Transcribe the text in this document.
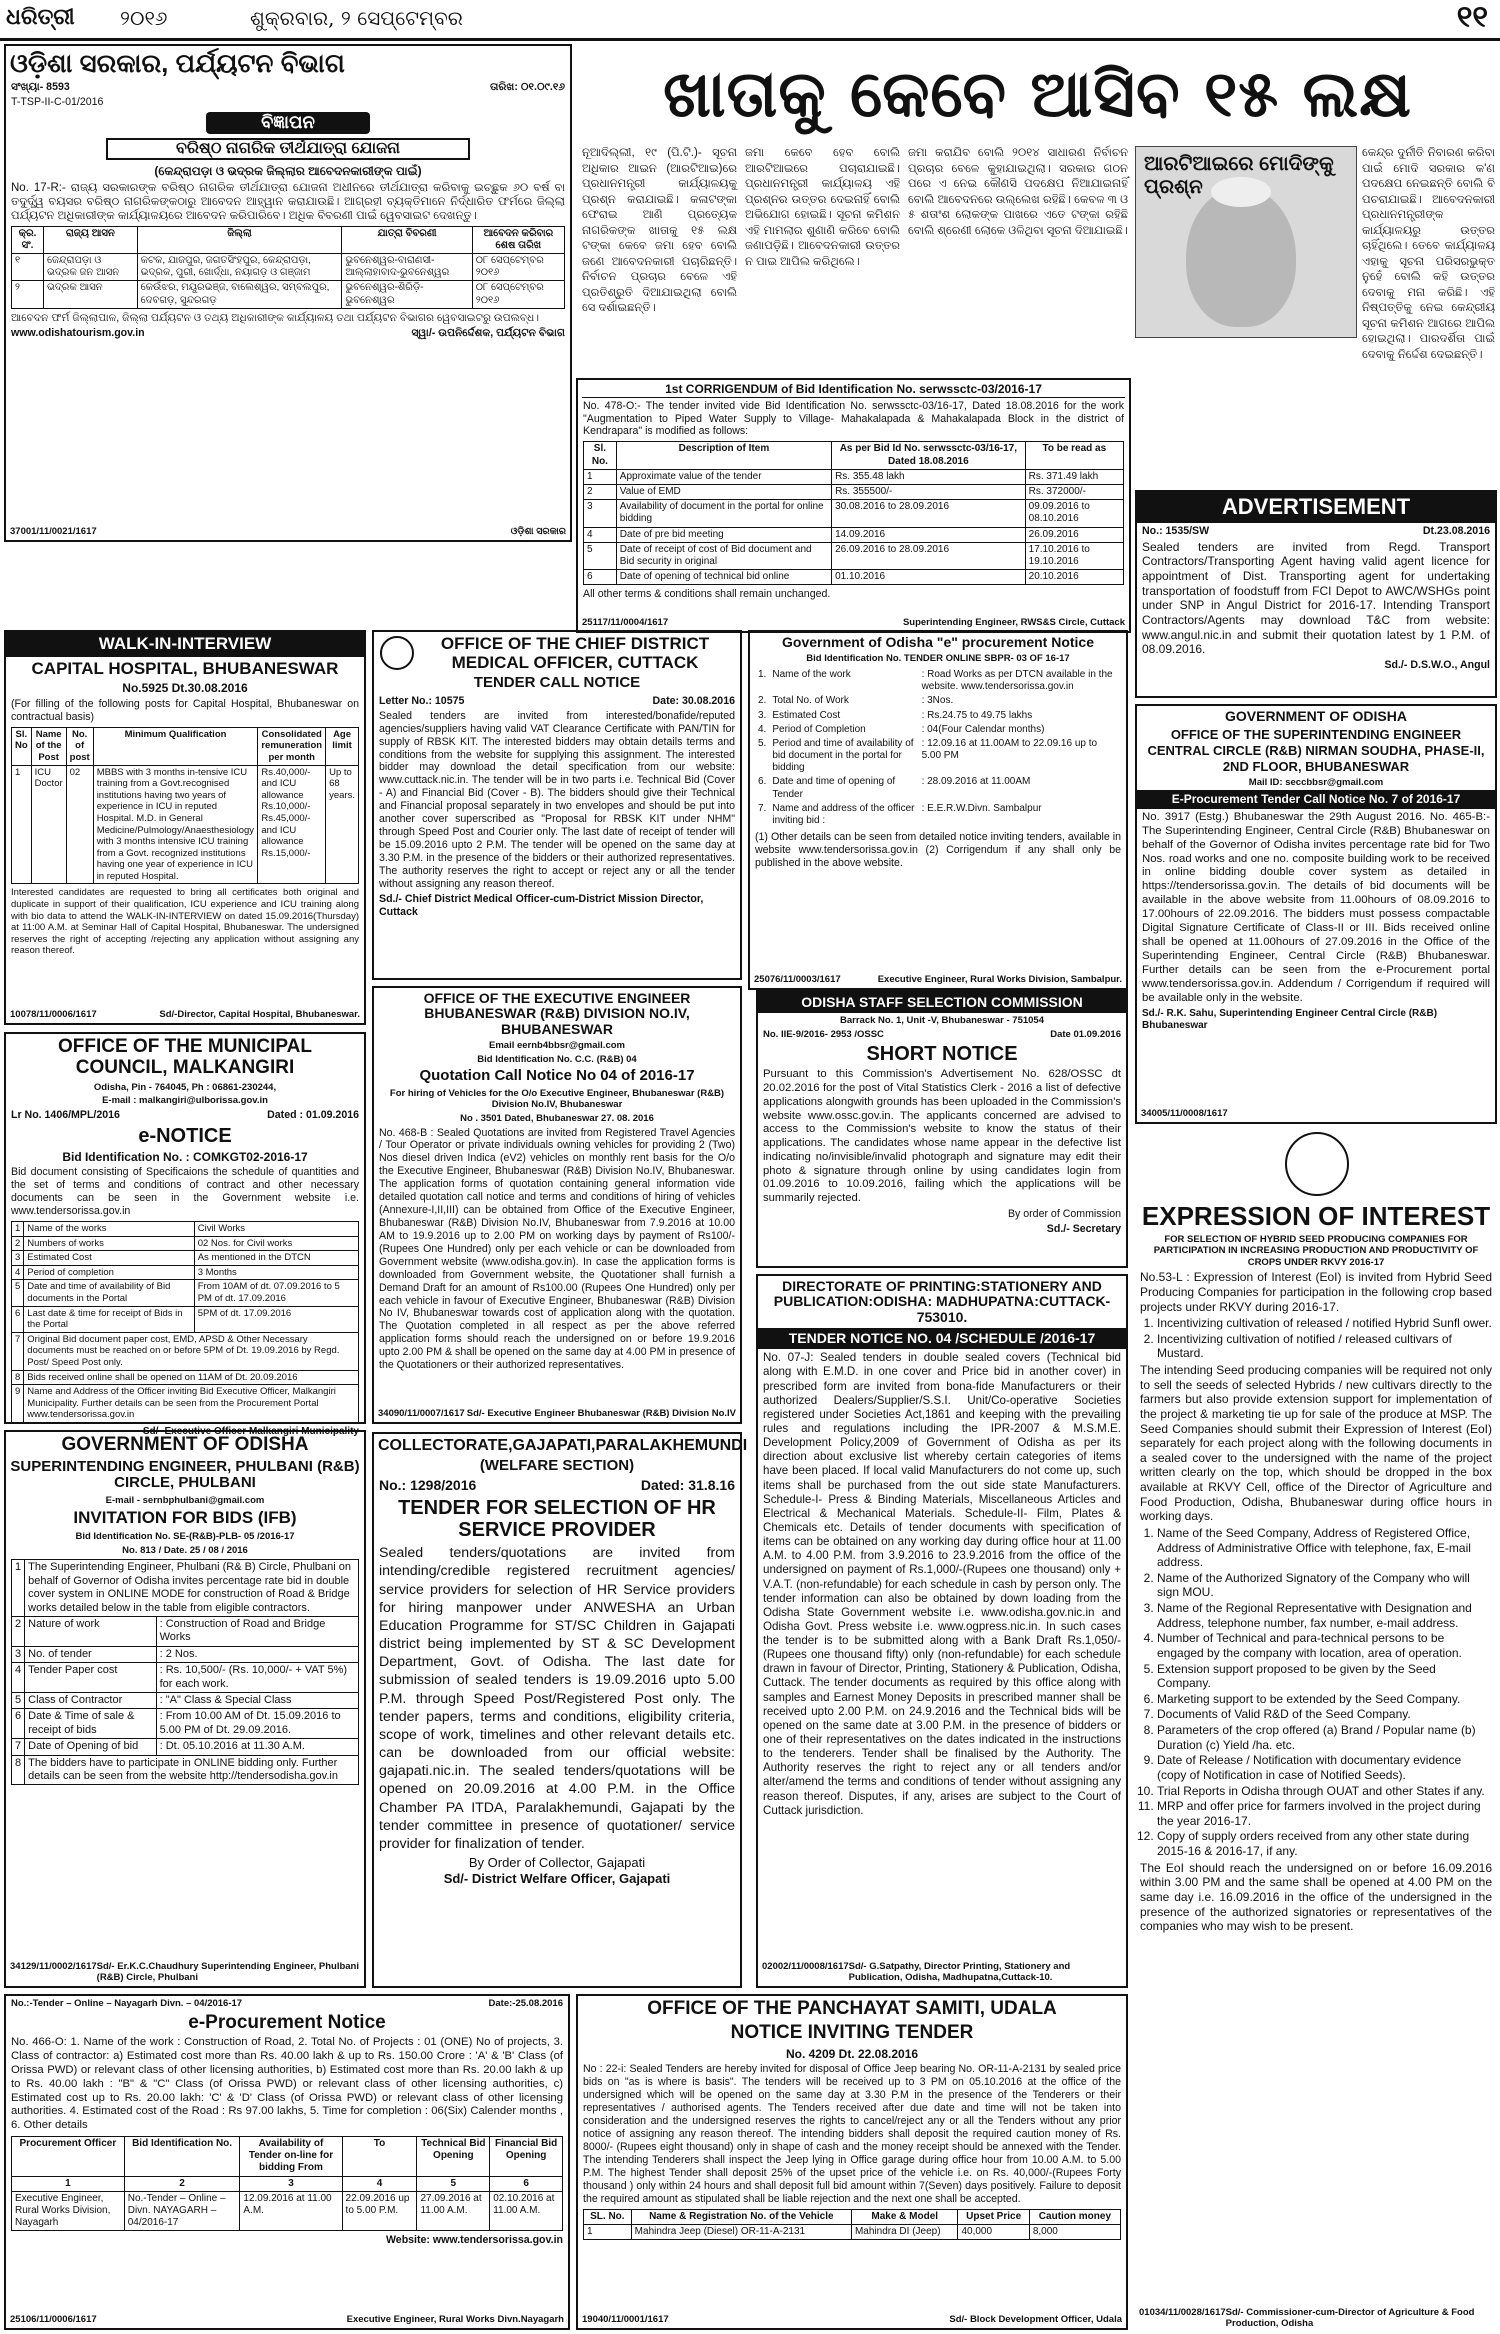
ଧରିତ୍ରୀ ୨୦୧୬	ଶୁକ୍ରବାର, ୨ ସେପ୍ଟେମ୍ବର	୧୧
ଓଡ଼ିଶା ସରକାର, ପର୍ଯ୍ୟଟନ ବିଭାଗ
ସଂଖ୍ୟା- 8593	ତାରିଖ: ୦୧.୦୯.୧୬

T-TSP-II-C-01/2016

ବିଜ୍ଞାପନ
ବରିଷ୍ଠ ନାଗରିକ ତୀର୍ଥଯାତ୍ରା ଯୋଜନା
(କେନ୍ଦ୍ରାପଡ଼ା ଓ ଭଦ୍ରକ ଜିଲ୍ଲାର ଆବେଦନକାରୀଙ୍କ ପାଇଁ)

No. 17-R:- ରାଜ୍ୟ ସରକାରଙ୍କ ବରିଷ୍ଠ ନାଗରିକ ତୀର୍ଥଯାତ୍ରା ଯୋଜନା ଅଧୀନରେ ତୀର୍ଥଯାତ୍ରା କରିବାକୁ ଇଚ୍ଛୁକ ୬୦ ବର୍ଷ ବା ତଦୁର୍ଦ୍ଧ୍ୱ ବୟସର ବରିଷ୍ଠ ନାଗରିକଙ୍କଠାରୁ ଆବେଦନ ଆହ୍ୱାନ କରାଯାଉଛି। ଆଗ୍ରହୀ ବ୍ୟକ୍ତିମାନେ ନିର୍ଦ୍ଧାରିତ ଫର୍ମରେ ଜିଲ୍ଲା ପର୍ଯ୍ୟଟନ ଅଧିକାରୀଙ୍କ କାର୍ଯ୍ୟାଳୟରେ ଆବେଦନ କରିପାରିବେ। ଅଧିକ ବିବରଣୀ ପାଇଁ ୱେବସାଇଟ ଦେଖନ୍ତୁ।

କ୍ର. ସଂ.	ରାଜ୍ୟ ଆସନ	ଜିଲ୍ଲା	ଯାତ୍ରା ବିବରଣୀ	ଆବେଦନ କରିବାର ଶେଷ ତାରିଖ
୧	ଜେନ୍ଦ୍ରାପଡ଼ା ଓ ଭଦ୍ରକ ଜନ ଆସନ	କଟକ, ଯାଜପୁର, ଜଗତସିଂହପୁର, କେନ୍ଦ୍ରାପଡ଼ା, ଭଦ୍ରକ, ପୁରୀ, ଖୋର୍ଦ୍ଧା, ନୟାଗଡ଼ ଓ ଗଞ୍ଜାମ	ଭୁବନେଶ୍ୱର-ବାରାଣସୀ-ଆଲ୍ଲାହାବାଦ-ଭୁବନେଶ୍ୱର	୦୮ ସେପ୍ଟେମ୍ବର ୨୦୧୬
୨	ଭଦ୍ରକ ଆସନ	କେଉଁଝର, ମୟୂରଭଞ୍ଜ, ବାଲେଶ୍ୱର, ସମ୍ବଲପୁର, ଦେବଗଡ଼, ସୁନ୍ଦରଗଡ଼	ଭୁବନେଶ୍ୱର-ଶିରିଡ଼ି-ଭୁବନେଶ୍ୱର	୦୮ ସେପ୍ଟେମ୍ବର ୨୦୧୬

ଆବେଦନ ଫର୍ମ ଜିଲ୍ଲାପାଳ, ଜିଲ୍ଲା ପର୍ଯ୍ୟଟନ ଓ ତଥ୍ୟ ଅଧିକାରୀଙ୍କ କାର୍ଯ୍ୟାଳୟ ତଥା ପର୍ଯ୍ୟଟନ ବିଭାଗର ୱେବସାଇଟରୁ ଉପଲବ୍ଧ।

www.odishatourism.gov.in	ସ୍ୱା/- ଉପନିର୍ଦ୍ଦେଶକ, ପର୍ଯ୍ୟଟନ ବିଭାଗ
37001/11/0021/1617	ଓଡ଼ିଶା ସରକାର
ଖାତାକୁ କେବେ ଆସିବ ୧୫ ଲକ୍ଷ
ନୂଆଦିଲ୍ଲୀ, ୧୯ (ପି.ଟି.)- ସୂଚନା ଅଧିକାର ଆଇନ (ଆରଟିଆଇ)ରେ ପ୍ରଧାନମନ୍ତ୍ରୀ କାର୍ଯ୍ୟାଳୟକୁ ପ୍ରଶ୍ନ କରାଯାଇଛି। କଳାଟଙ୍କା ଫେରାଇ ଆଣି ପ୍ରତ୍ୟେକ ନାଗରିକଙ୍କ ଖାତାକୁ ୧୫ ଲକ୍ଷ ଟଙ୍କା କେବେ ଜମା ହେବ ବୋଲି ଜଣେ ଆବେଦନକାରୀ ପଚାରିଛନ୍ତି। ନିର୍ବାଚନ ପ୍ରଚାର ବେଳେ ଏହି ପ୍ରତିଶ୍ରୁତି ଦିଆଯାଇଥିଲା ବୋଲି ସେ ଦର୍ଶାଇଛନ୍ତି।
ଜମା କେବେ ହେବ ବୋଲି ଆରଟିଆଇରେ ପଚାରାଯାଇଛି। ପ୍ରଧାନମନ୍ତ୍ରୀ କାର୍ଯ୍ୟାଳୟ ଏହି ପ୍ରଶ୍ନର ଉତ୍ତର ଦେଇନାହିଁ ବୋଲି ଅଭିଯୋଗ ହୋଇଛି। ସୂଚନା କମିଶନ ଏହି ମାମଲାର ଶୁଣାଣି କରିବେ ବୋଲି ଜଣାପଡ଼ିଛି। ଆବେଦନକାରୀ ଉତ୍ତର ନ ପାଇ ଆପିଲ କରିଥିଲେ।
ଜମା କରାଯିବ ବୋଲି ୨୦୧୪ ସାଧାରଣ ନିର୍ବାଚନ ପ୍ରଚାର ବେଳେ କୁହାଯାଇଥିଲା। ସରକାର ଗଠନ ପରେ ଏ ନେଇ କୌଣସି ପଦକ୍ଷେପ ନିଆଯାଇନାହିଁ ବୋଲି ଆବେଦନରେ ଉଲ୍ଲେଖ ରହିଛି। କେବଳ ୩ ଓ ୫ ଶତାଂଶ ଲୋକଙ୍କ ପାଖରେ ଏତେ ଟଙ୍କା ରହିଛି ବୋଲି ଶ୍ରେଣୀ ଲୋକେ ଓଳିଥିବା ସୂଚନା ଦିଆଯାଇଛି।
ଆରଟିଆଇରେ ମୋଦିଙ୍କୁ ପ୍ରଶ୍ନ
କେନ୍ଦ୍ର ଦୁର୍ନୀତି ନିବାରଣ କରିବା ପାଇଁ ମୋଦି ସରକାର କ'ଣ ପଦକ୍ଷେପ ନେଇଛନ୍ତି ବୋଲି ବି ପଚରାଯାଇଛି। ଆବେଦନକାରୀ ପ୍ରଧାନମନ୍ତ୍ରୀଙ୍କ କାର୍ଯ୍ୟାଳୟରୁ ଉତ୍ତର ଚାହିଁଥିଲେ। ତେବେ କାର୍ଯ୍ୟାଳୟ ଏହାକୁ ସୂଚନା ପରିସରଭୁକ୍ତ ନୁହେଁ ବୋଲି କହି ଉତ୍ତର ଦେବାକୁ ମନା କରିଛି। ଏହି ନିଷ୍ପତ୍ତିକୁ ନେଇ କେନ୍ଦ୍ରୀୟ ସୂଚନା କମିଶନ ଆଗରେ ଆପିଲ ହୋଇଥିଲା। ପାରଦର୍ଶିତା ପାଇଁ ଦେବାକୁ ନିର୍ଦ୍ଦେଶ ଦେଇଛନ୍ତି।
1st CORRIGENDUM of Bid Identification No. serwssctc-03/2016-17

No. 478-O:- The tender invited vide Bid Identification No. serwssctc-03/16-17, Dated 18.08.2016 for the work "Augmentation to Piped Water Supply to Village- Mahakalapada & Mahakalapada Block in the district of Kendrapara" is modified as follows:

Sl. No.	Description of Item	As per Bid Id No. serwssctc-03/16-17, Dated 18.08.2016	To be read as
1	Approximate value of the tender	Rs. 355.48 lakh	Rs. 371.49 lakh
2	Value of EMD	Rs. 355500/-	Rs. 372000/-
3	Availability of document in the portal for online bidding	30.08.2016 to 28.09.2016	09.09.2016 to 08.10.2016
4	Date of pre bid meeting	14.09.2016	26.09.2016
5	Date of receipt of cost of Bid document and Bid security in original	26.09.2016 to 28.09.2016	17.10.2016 to 19.10.2016
6	Date of opening of technical bid online	01.10.2016	20.10.2016

All other terms & conditions shall remain unchanged.

25117/11/0004/1617	Superintending Engineer, RWS&S Circle, Cuttack
ADVERTISEMENT
No.: 1535/SW	Dt.23.08.2016

Sealed tenders are invited from Regd. Transport Contractors/Transporting Agent having valid agent licence for appointment of Dist. Transporting agent for undertaking transportation of foodstuff from FCI Depot to AWC/WSHGs point under SNP in Angul District for 2016-17. Intending Transport Contractors/Agents may download T&C from website: www.angul.nic.in and submit their quotation latest by 1 P.M. of 08.09.2016.

Sd./- D.S.W.O., Angul
WALK-IN-INTERVIEW
CAPITAL HOSPITAL, BHUBANESWAR
No.5925 Dt.30.08.2016

(For filling of the following posts for Capital Hospital, Bhubaneswar on contractual basis)

Sl. No	Name of the Post	No. of post	Minimum Qualification	Consolidated remuneration per month	Age limit
1	ICU Doctor	02	MBBS with 3 months in-tensive ICU training from a Govt.recognised institutions having two years of experience in ICU in reputed Hospital. M.D. in General Medicine/Pulmology/Anaesthesiology with 3 months intensive ICU training from a Govt. recognized institutions having one year of experience in ICU in reputed Hospital.	Rs.40,000/- and ICU allowance Rs.10,000/- Rs.45,000/- and ICU allowance Rs.15,000/-	Up to 68 years.

Interested candidates are requested to bring all certificates both original and duplicate in support of their qualification, ICU experience and ICU training along with bio data to attend the WALK-IN-INTERVIEW on dated 15.09.2016(Thursday) at 11:00 A.M. at Seminar Hall of Capital Hospital, Bhubaneswar. The undersigned reserves the right of accepting /rejecting any application without assigning any reason thereof.

10078/11/0006/1617	Sd/-Director, Capital Hospital, Bhubaneswar.
OFFICE OF THE CHIEF DISTRICT MEDICAL OFFICER, CUTTACK
TENDER CALL NOTICE
Letter No.: 10575	Date: 30.08.2016

Sealed tenders are invited from interested/bonafide/reputed agencies/suppliers having valid VAT Clearance Certificate with PAN/TIN for supply of RBSK KIT. The interested bidders may obtain details terms and conditions from the website for supplying this assignment. The interested bidder may download the detail specification from our website: www.cuttack.nic.in. The tender will be in two parts i.e. Technical Bid (Cover - A) and Financial Bid (Cover - B). The bidders should give their Technical and Financial proposal separately in two envelopes and should be put into another cover superscribed as "Proposal for RBSK KIT under NHM" through Speed Post and Courier only. The last date of receipt of tender will be 15.09.2016 upto 2 P.M. The tender will be opened on the same day at 3.30 P.M. in the presence of the bidders or their authorized representatives. The authority reserves the right to accept or reject any or all the tender without assigning any reason thereof.

Sd./- Chief District Medical Officer-cum-District Mission Director, Cuttack
Government of Odisha "e" procurement Notice
Bid Identification No. TENDER ONLINE SBPR- 03 OF 16-17
1.	Name of the work	: Road Works as per DTCN available in the website. www.tendersorissa.gov.in
2.	Total No. of Work	: 3Nos.
3.	Estimated Cost	: Rs.24.75 to 49.75 lakhs
4.	Period of Completion	: 04(Four Calendar months)
5.	Period and time of availability of bid document in the portal for bidding	: 12.09.16 at 11.00AM to 22.09.16 up to 5.00 PM
6.	Date and time of opening of Tender	: 28.09.2016 at 11.00AM
7.	Name and address of the officer inviting bid :	: E.E.R.W.Divn. Sambalpur

(1) Other details can be seen from detailed notice inviting tenders, available in website www.tendersorissa.gov.in (2) Corrigendum if any shall only be published in the above website.

25076/11/0003/1617	Executive Engineer, Rural Works Division, Sambalpur.
GOVERNMENT OF ODISHA
OFFICE OF THE SUPERINTENDING ENGINEER CENTRAL CIRCLE (R&B) NIRMAN SOUDHA, PHASE-II, 2ND FLOOR, BHUBANESWAR
Mail ID: seccbbsr@gmail.com
E-Procurement Tender Call Notice No. 7 of 2016-17

No. 3917 (Estg.) Bhubaneswar the 29th August 2016. No. 465-B:- The Superintending Engineer, Central Circle (R&B) Bhubaneswar on behalf of the Governor of Odisha invites percentage rate bid for Two Nos. road works and one no. composite building work to be received in online bidding double cover system as detailed in https://tendersorissa.gov.in. The details of bid documents will be available in the above website from 11.00hours of 08.09.2016 to 17.00hours of 22.09.2016. The bidders must possess compactable Digital Signature Certificate of Class-II or III. Bids received online shall be opened at 11.00hours of 27.09.2016 in the Office of the Superintending Engineer, Central Circle (R&B) Bhubaneswar. Further details can be seen from the e-Procurement portal www.tendersorissa.gov.in. Addendum / Corrigendum if required will be available only in the website.

Sd./- R.K. Sahu, Superintending Engineer Central Circle (R&B) Bhubaneswar
34005/11/0008/1617
OFFICE OF THE MUNICIPAL COUNCIL, MALKANGIRI
Odisha, Pin - 764045, Ph : 06861-230244,
E-mail : malkangiri@ulborissa.gov.in
Lr No. 1406/MPL/2016	Dated : 01.09.2016
e-NOTICE
Bid Identification No. : COMKGT02-2016-17

Bid document consisting of Specificaions the schedule of quantities and the set of terms and conditions of contract and other necessary documents can be seen in the Government website i.e. www.tendersorissa.gov.in

1	Name of the works	Civil Works
2	Numbers of works	02 Nos. for Civil works
3	Estimated Cost	As mentioned in the DTCN
4	Period of completion	3 Months
5	Date and time of availability of Bid documents in the Portal	From 10AM of dt. 07.09.2016 to 5 PM of dt. 17.09.2016
6	Last date & time for receipt of Bids in the Portal	5PM of dt. 17.09.2016
7	Original Bid document paper cost, EMD, APSD & Other Necessary documents must be reached on or before 5PM of Dt. 19.09.2016 by Regd. Post/ Speed Post only.	
8	Bids received online shall be opened on 11AM of Dt. 20.09.2016	
9	Name and Address of the Officer inviting Bid Executive Officer, Malkangiri Municipality. Further details can be seen from the Procurement Portal www.tendersorissa.gov.in	
Sd/- Executive Officer Malkangiri Municipality
OFFICE OF THE EXECUTIVE ENGINEER BHUBANESWAR (R&B) DIVISION NO.IV, BHUBANESWAR
Email eernb4bbsr@gmail.com
Bid Identification No. C.C. (R&B) 04
Quotation Call Notice No 04 of 2016-17
For hiring of Vehicles for the O/o Executive Engineer, Bhubaneswar (R&B) Division No.IV, Bhubaneswar
No . 3501 Dated, Bhubaneswar 27. 08. 2016

No. 468-B : Sealed Quotations are invited from Registered Travel Agencies / Tour Operator or private individuals owning vehicles for providing 2 (Two) Nos diesel driven Indica (eV2) vehicles on monthly rent basis for the O/o the Executive Engineer, Bhubaneswar (R&B) Division No.IV, Bhubaneswar. The application forms of quotation containing general information vide detailed quotation call notice and terms and conditions of hiring of vehicles (Annexure-I,II,III) can be obtained from Office of the Executive Engineer, Bhubaneswar (R&B) Division No.IV, Bhubaneswar from 7.9.2016 at 10.00 AM to 19.9.2016 up to 2.00 PM on working days by payment of Rs100/- (Rupees One Hundred) only per each vehicle or can be downloaded from Government website (www.odisha.gov.in). In case the application forms is downloaded from Government website, the Quotationer shall furnish a Demand Draft for an amount of Rs100.00 (Rupees One Hundred) only per each vehicle in favour of Executive Engineer, Bhubaneswar (R&B) Division No IV, Bhubaneswar towards cost of application along with the quotation. The Quotation completed in all respect as per the above referred application forms should reach the undersigned on or before 19.9.2016 upto 2.00 PM & shall be opened on the same day at 4.00 PM in presence of the Quotationers or their authorized representatives.

34090/11/0007/1617 Sd/- Executive Engineer Bhubaneswar (R&B) Division No.IV
ODISHA STAFF SELECTION COMMISSION
Barrack No. 1, Unit -V, Bhubaneswar - 751054
No. IIE-9/2016- 2953 /OSSC	Date 01.09.2016
SHORT NOTICE

Pursuant to this Commission's Advertisement No. 628/OSSC dt 20.02.2016 for the post of Vital Statistics Clerk - 2016 a list of defective applications alongwith grounds has been uploaded in the Commission's website www.ossc.gov.in. The applicants concerned are advised to access to the Commission's website to know the status of their applications. The candidates whose name appear in the defective list indicating no/invisible/invalid photograph and signature may edit their photo & signature through online by using candidates login from 01.09.2016 to 10.09.2016, failing which the applications will be summarily rejected.

By order of Commission
Sd./- Secretary EXPRESSION OF INTEREST
FOR SELECTION OF HYBRID SEED PRODUCING COMPANIES FOR PARTICIPATION IN INCREASING PRODUCTION AND PRODUCTIVITY OF CROPS UNDER RKVY 2016-17

No.53-L : Expression of Interest (EoI) is invited from Hybrid Seed Producing Companies for participation in the following crop based projects under RKVY during 2016-17.

1. Incentivizing cultivation of released / notified Hybrid Sunfl ower.
2. Incentivizing cultivation of notified / released cultivars of Mustard.

The intending Seed producing companies will be required not only to sell the seeds of selected Hybrids / new cultivars directly to the farmers but also provide extension support for implementation of the project & marketing tie up for sale of the produce at MSP. The Seed Companies should submit their Expression of Interest (EoI) separately for each project along with the following documents in a sealed cover to the undersigned with the name of the project written clearly on the top, which should be dropped in the box available at RKVY Cell, office of the Director of Agriculture and Food Production, Odisha, Bhubaneswar during office hours in working days.

1. Name of the Seed Company, Address of Registered Office, Address of Administrative Office with telephone, fax, E-mail address.
2. Name of the Authorized Signatory of the Company who will sign MOU.
3. Name of the Regional Representative with Designation and Address, telephone number, fax number, e-mail address.
4. Number of Technical and para-technical persons to be engaged by the company with location, area of operation.
5. Extension support proposed to be given by the Seed Company.
6. Marketing support to be extended by the Seed Company.
7. Documents of Valid R&D of the Seed Company.
8. Parameters of the crop offered (a) Brand / Popular name (b) Duration (c) Yield /ha. etc.
9. Date of Release / Notification with documentary evidence (copy of Notification in case of Notified Seeds).
10. Trial Reports in Odisha through OUAT and other States if any.
11. MRP and offer price for farmers involved in the project during the year 2016-17.
12. Copy of supply orders received from any other state during 2015-16 & 2016-17, if any.

The EoI should reach the undersigned on or before 16.09.2016 within 3.00 PM and the same shall be opened at 4.00 PM on the same day i.e. 16.09.2016 in the office of the undersigned in the presence of the authorized signatories or representatives of the companies who may wish to be present.

01034/11/0028/1617 Sd/- Commissioner-cum-Director of Agriculture & Food Production, Odisha
GOVERNMENT OF ODISHA
SUPERINTENDING ENGINEER, PHULBANI (R&B) CIRCLE, PHULBANI
E-mail - sernbphulbani@gmail.com
INVITATION FOR BIDS (IFB)
Bid Identification No. SE-(R&B)-PLB- 05 /2016-17
No. 813 / Date. 25 / 08 / 2016
1	The Superintending Engineer, Phulbani (R& B) Circle, Phulbani on behalf of Governor of Odisha invites percentage rate bid in double cover system in ONLINE MODE for construction of Road & Bridge works detailed below in the table from eligible contractors.	
2	Nature of work	: Construction of Road and Bridge Works
3	No. of tender	: 2 Nos.
4	Tender Paper cost	: Rs. 10,500/- (Rs. 10,000/- + VAT 5%) for each work.
5	Class of Contractor	: "A" Class & Special Class
6	Date & Time of sale & receipt of bids	: From 10.00 AM of Dt. 15.09.2016 to 5.00 PM of Dt. 29.09.2016.
7	Date of Opening of bid	: Dt. 05.10.2016 at 11.30 A.M.
8	The bidders have to participate in ONLINE bidding only. Further details can be seen from the website http://tendersodisha.gov.in	
34129/11/0002/1617 Sd/- Er.K.C.Chaudhury Superintending Engineer, Phulbani (R&B) Circle, Phulbani
COLLECTORATE,GAJAPATI,PARALAKHEMUNDI
(WELFARE SECTION)
No.: 1298/2016	Dated: 31.8.16
TENDER FOR SELECTION OF HR SERVICE PROVIDER

Sealed tenders/quotations are invited from intending/credible registered recruitment agencies/ service providers for selection of HR Service providers for hiring manpower under ANWESHA an Urban Education Programme for ST/SC Children in Gajapati district being implemented by ST & SC Development Department, Govt. of Odisha. The last date for submission of sealed tenders is 19.09.2016 upto 5.00 P.M. through Speed Post/Registered Post only. The tender papers, terms and conditions, eligibility criteria, scope of work, timelines and other relevant details etc. can be downloaded from our official website: gajapati.nic.in. The sealed tenders/quotations will be opened on 20.09.2016 at 4.00 P.M. in the Office Chamber PA ITDA, Paralakhemundi, Gajapati by the tender committee in presence of quotationer/ service provider for finalization of tender.

By Order of Collector, Gajapati
Sd/- District Welfare Officer, Gajapati
DIRECTORATE OF PRINTING:STATIONERY AND PUBLICATION:ODISHA: MADHUPATNA:CUTTACK-753010.
TENDER NOTICE NO. 04 /SCHEDULE /2016-17

No. 07-J: Sealed tenders in double sealed covers (Technical bid along with E.M.D. in one cover and Price bid in another cover) in prescribed form are invited from bona-fide Manufacturers or their authorized Dealers/Supplier/S.S.I. Unit/Co-operative Societies registered under Societies Act,1861 and keeping with the prevailing rules and regulations including the IPR-2007 & M.S.M.E. Development Policy,2009 of Government of Odisha as per its direction about exclusive list whereby certain categories of items have been placed. If local valid Manufacturers do not come up, such items shall be purchased from the out side state Manufacturers. Schedule-I- Press & Binding Materials, Miscellaneous Articles and Electrical & Mechanical Materials. Schedule-II- Film, Plates & Chemicals etc. Details of tender documents with specification of items can be obtained on any working day during office hour at 11.00 A.M. to 4.00 P.M. from 3.9.2016 to 23.9.2016 from the office of the undersigned on payment of Rs.1,000/-(Rupees one thousand) only + V.A.T. (non-refundable) for each schedule in cash by person only. The tender information can also be obtained by down loading from the Odisha State Government website i.e. www.odisha.gov.nic.in and Odisha Govt. Press website i.e. www.ogpress.nic.in. In such cases the tender is to be submitted along with a Bank Draft Rs.1,050/- (Rupees one thousand fifty) only (non-refundable) for each schedule drawn in favour of Director, Printing, Stationery & Publication, Odisha, Cuttack. The tender documents as required by this office along with samples and Earnest Money Deposits in prescribed manner shall be received upto 2.00 P.M. on 24.9.2016 and the Technical bids will be opened on the same date at 3.00 P.M. in the presence of bidders or one of their representatives on the dates indicated in the instructions to the tenderers. Tender shall be finalised by the Authority. The Authority reserves the right to reject any or all tenders and/or alter/amend the terms and conditions of tender without assigning any reason thereof. Disputes, if any, arises are subject to the Court of Cuttack jurisdiction.

02002/11/0008/1617 Sd/- G.Satpathy, Director Printing, Stationery and Publication, Odisha, Madhupatna,Cuttack-10.
No.:-Tender – Online – Nayagarh Divn. – 04/2016-17	Date:-25.08.2016
e-Procurement Notice

No. 466-O: 1. Name of the work : Construction of Road, 2. Total No. of Projects : 01 (ONE) No of projects, 3. Class of contractor: a) Estimated cost more than Rs. 40.00 lakh & up to Rs. 150.00 Crore : 'A' & 'B' Class (of Orissa PWD) or relevant class of other licensing authorities, b) Estimated cost more than Rs. 20.00 lakh & up to Rs. 40.00 lakh : "B" & "C" Class (of Orissa PWD) or relevant class of other licensing authorities, c) Estimated cost up to Rs. 20.00 lakh: 'C' & 'D' Class (of Orissa PWD) or relevant class of other licensing authorities. 4. Estimated cost of the Road : Rs 97.00 lakhs, 5. Time for completion : 06(Six) Calender months , 6. Other details

Procurement Officer	Bid Identification No.	Availability of Tender on-line for bidding From	To	Technical Bid Opening	Financial Bid Opening
1	2	3	4	5	6
Executive Engineer, Rural Works Division, Nayagarh	No.-Tender – Online – Divn. NAYAGARH – 04/2016-17	12.09.2016 at 11.00 A.M.	22.09.2016 up to 5.00 P.M.	27.09.2016 at 11.00 A.M.	02.10.2016 at 11.00 A.M.
Website: www.tendersorissa.gov.in
25106/11/0006/1617	Executive Engineer, Rural Works Divn.Nayagarh
OFFICE OF THE PANCHAYAT SAMITI, UDALA
NOTICE INVITING TENDER
No. 4209 Dt. 22.08.2016

No : 22-i: Sealed Tenders are hereby invited for disposal of Office Jeep bearing No. OR-11-A-2131 by sealed price bids on "as is where is basis". The tenders will be received up to 3 PM on 05.10.2016 at the office of the undersigned which will be opened on the same day at 3.30 P.M in the presence of the Tenderers or their representatives / authorised agents. The Tenders received after due date and time will not be taken into consideration and the undersigned reserves the rights to cancel/reject any or all the Tenders without any prior notice of assigning any reason thereof. The intending bidders shall deposit the required caution money of Rs. 8000/- (Rupees eight thousand) only in shape of cash and the money receipt should be annexed with the Tender. The intending Tenderers shall inspect the Jeep lying in Office garage during office hour from 10.00 A.M. to 5.00 P.M. The highest Tender shall deposit 25% of the upset price of the vehicle i.e. on Rs. 40,000/-(Rupees Forty thousand ) only within 24 hours and shall deposit full bid amount within 7(Seven) days positively. Failure to deposit the required amount as stipulated shall be liable rejection and the next one shall be accepted.

SL. No.	Name & Registration No. of the Vehicle	Make & Model	Upset Price	Caution money
1	Mahindra Jeep (Diesel) OR-11-A-2131	Mahindra DI (Jeep)	40,000	8,000
19040/11/0001/1617	Sd/- Block Development Officer, Udala
